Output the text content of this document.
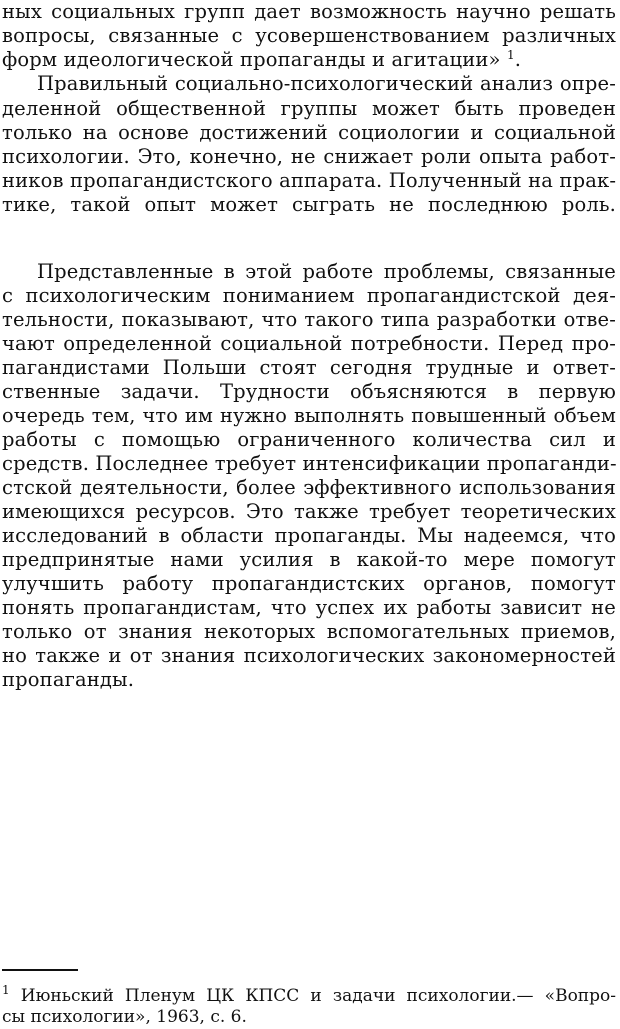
ных социальных групп дает возможность научно решать
вопросы, связанные с усовершенствованием различных
форм идеологической пропаганды и агитации» $^1$.
Правильный социально-психологический анализ опре-
деленной общественной группы может быть проведен
только на основе достижений социологии и социальной
психологии. Это, конечно, не снижает роли опыта работ-
ников пропагандистского аппарата. Полученный на прак-
тике, такой опыт может сыграть не последнюю роль.
Представленные в этой работе проблемы, связанные
с психологическим пониманием пропагандистской дея-
тельности, показывают, что такого типа разработки отве-
чают определенной социальной потребности. Перед про-
пагандистами Польши стоят сегодня трудные и ответ-
ственные задачи. Трудности объясняются в первую
очередь тем, что им нужно выполнять повышенный объем
работы с помощью ограниченного количества сил и
средств. Последнее требует интенсификации пропаганди-
стской деятельности, более эффективного использования
имеющихся ресурсов. Это также требует теоретических
исследований в области пропаганды. Мы надеемся, что
предпринятые нами усилия в какой-то мере помогут
улучшить работу пропагандистских органов, помогут
понять пропагандистам, что успех их работы зависит не
только от знания некоторых вспомогательных приемов,
но также и от знания психологических закономерностей
пропаганды.
$^1$ Июньский Пленум ЦК КПСС и задачи психологии.— «Вопро-
сы психологии», 1963, с. 6.
